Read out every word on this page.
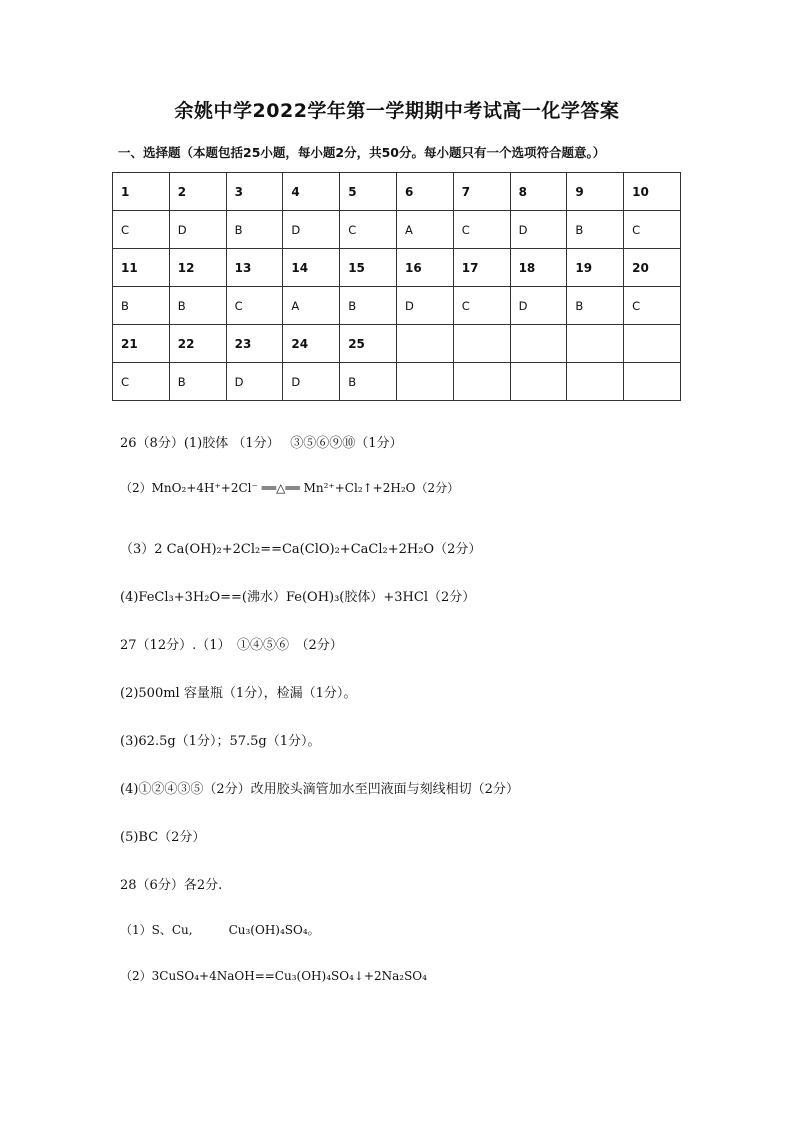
余姚中学2022学年第一学期期中考试高一化学答案
一、选择题（本题包括25小题，每小题2分，共50分。每小题只有一个选项符合题意。）
1	2	3	4	5	6	7	8	9	10
C	D	B	D	C	A	C	D	B	C
11	12	13	14	15	16	17	18	19	20
B	B	C	A	B	D	C	D	B	C
21	22	23	24	25					
C	B	D	D	B					
26（8分）(1)胶体 （1分）　 ③⑤⑥⑨⑩（1分）
（2）MnO₂+4H⁺+2Cl⁻ ══△══ Mn²⁺+Cl₂↑+2H₂O（2分）
（3）2 Ca(OH)₂+2Cl₂==Ca(ClO)₂+CaCl₂+2H₂O（2分）
(4)FeCl₃+3H₂O==(沸水）Fe(OH)₃(胶体）+3HCl（2分）
27（12分）.（1）　①④⑤⑥　（2分）
(2)500ml 容量瓶（1分），检漏（1分）。
(3)62.5g（1分）；57.5g（1分）。
(4)①②④③⑤（2分）改用胶头滴管加水至凹液面与刻线相切（2分）
(5)BC（2分）
28（6分）各2分.
（1）S、Cu,　　　Cu₃(OH)₄SO₄。
（2）3CuSO₄+4NaOH==Cu₃(OH)₄SO₄↓+2Na₂SO₄
